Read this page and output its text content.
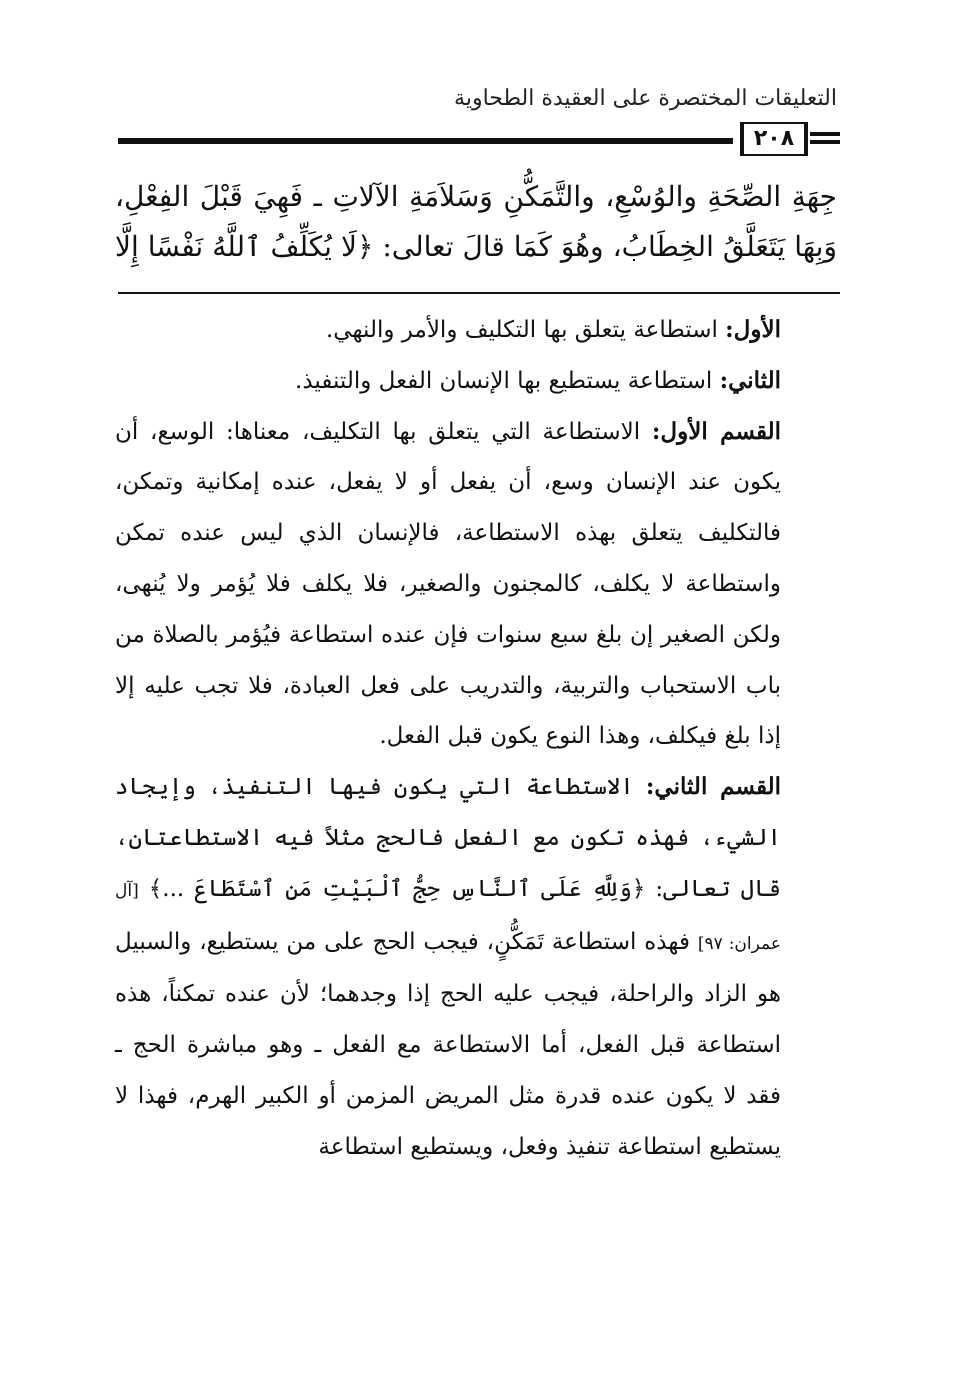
التعليقات المختصرة على العقيدة الطحاوية
٢٠٨

جِهَةِ الصِّحَةِ والوُسْعِ، والتَّمَكُّنِ وَسَلاَمَةِ الآلاتِ ـ فَهِيَ قَبْلَ الفِعْلِ،

وَبِهَا يَتَعَلَّقُ الخِطَابُ، وهُوَ كَمَا قالَ تعالى: ﴿لَا يُكَلِّفُ ٱللَّهُ نَفْسًا إِلَّا

الأول: استطاعة يتعلق بها التكليف والأمر والنهي.

الثاني: استطاعة يستطيع بها الإنسان الفعل والتنفيذ.

القسم الأول: الاستطاعة التي يتعلق بها التكليف، معناها: الوسع، أن يكون عند الإنسان وسع، أن يفعل أو لا يفعل، عنده إمكانية وتمكن، فالتكليف يتعلق بهذه الاستطاعة، فالإنسان الذي ليس عنده تمكن واستطاعة لا يكلف، كالمجنون والصغير، فلا يكلف فلا يُؤمر ولا يُنهى، ولكن الصغير إن بلغ سبع سنوات فإن عنده استطاعة فيُؤمر بالصلاة من باب الاستحباب والتربية، والتدريب على فعل العبادة، فلا تجب عليه إلا إذا بلغ فيكلف، وهذا النوع يكون قبل الفعل.

القسم الثاني: الاستطاعة التي يكون فيها التنفيذ، وإيجاد الشيء، فهذه تكون مع الفعل فالحج مثلاً فيه الاستطاعتان، قال تعالى: ﴿وَلِلَّهِ عَلَى ٱلنَّاسِ حِجُّ ٱلْبَيْتِ مَنِ ٱسْتَطَاعَ ...﴾ [آل عمران: ٩٧] فهذه استطاعة تَمَكُّنٍ، فيجب الحج على من يستطيع، والسبيل هو الزاد والراحلة، فيجب عليه الحج إذا وجدهما؛ لأن عنده تمكناً، هذه استطاعة قبل الفعل، أما الاستطاعة مع الفعل ـ وهو مباشرة الحج ـ فقد لا يكون عنده قدرة مثل المريض المزمن أو الكبير الهرم، فهذا لا يستطيع استطاعة تنفيذ وفعل، ويستطيع استطاعة
